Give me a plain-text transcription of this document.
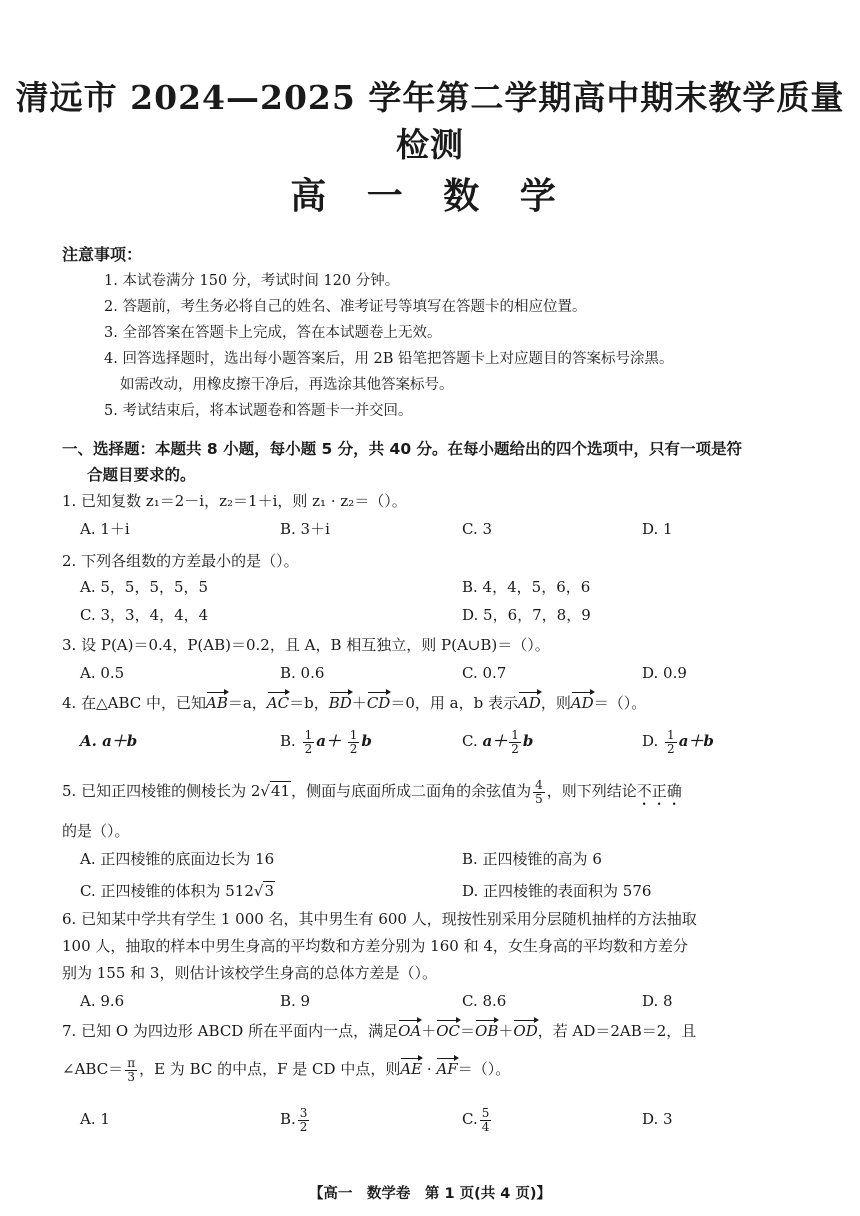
清远市 2024—2025 学年第二学期高中期末教学质量检测
高 一 数 学
注意事项：
1. 本试卷满分 150 分，考试时间 120 分钟。
2. 答题前，考生务必将自己的姓名、准考证号等填写在答题卡的相应位置。
3. 全部答案在答题卡上完成，答在本试题卷上无效。
4. 回答选择题时，选出每小题答案后，用 2B 铅笔把答题卡上对应题目的答案标号涂黑。
如需改动，用橡皮擦干净后，再选涂其他答案标号。
5. 考试结束后，将本试题卷和答题卡一并交回。
一、选择题：本题共 8 小题，每小题 5 分，共 40 分。在每小题给出的四个选项中，只有一项是符
合题目要求的。
1. 已知复数 z₁＝2－i，z₂＝1＋i，则 z₁ · z₂＝（）。
A. 1＋i	B. 3＋i	C. 3	D. 1
2. 下列各组数的方差最小的是（）。
A. 5，5，5，5，5	B. 4，4，5，6，6
C. 3，3，4，4，4	D. 5，6，7，8，9
3. 设 P(A)＝0.4，P(AB)＝0.2，且 A，B 相互独立，则 P(A∪B)＝（）。
A. 0.5	B. 0.6	C. 0.7	D. 0.9
4. 在△ABC 中，已知AB＝a，AC＝b，BD＋CD＝0，用 a，b 表示AD，则AD＝（）。
A. a＋b	B. $\frac{1}{2} a+ \frac{1}{2}$ b	C. $a+ \frac{1}{2}$ b	D. $\frac{1}{2} a+b$
5. 已知正四棱锥的侧棱长为 2√41，侧面与底面所成二面角的余弦值为 $\frac{4}{5}$ ，则下列结论不正确
的是（）。
A. 正四棱锥的底面边长为 16	B. 正四棱锥的高为 6
C. 正四棱锥的体积为 512√3	D. 正四棱锥的表面积为 576
6. 已知某中学共有学生 1 000 名，其中男生有 600 人，现按性别采用分层随机抽样的方法抽取
100 人，抽取的样本中男生身高的平均数和方差分别为 160 和 4，女生身高的平均数和方差分
别为 155 和 3，则估计该校学生身高的总体方差是（）。
A. 9.6	B. 9	C. 8.6	D. 8
7. 已知 O 为四边形 ABCD 所在平面内一点，满足OA＋OC＝OB＋OD，若 AD＝2AB＝2，且
∠ABC＝ $\frac{\pi}{3}$ ，E 为 BC 的中点，F 是 CD 中点，则AE · AF＝（）。
A. 1	B. $\frac{3}{2}$	C. $\frac{5}{4}$	D. 3
【高一　数学卷　第 1 页(共 4 页)】
